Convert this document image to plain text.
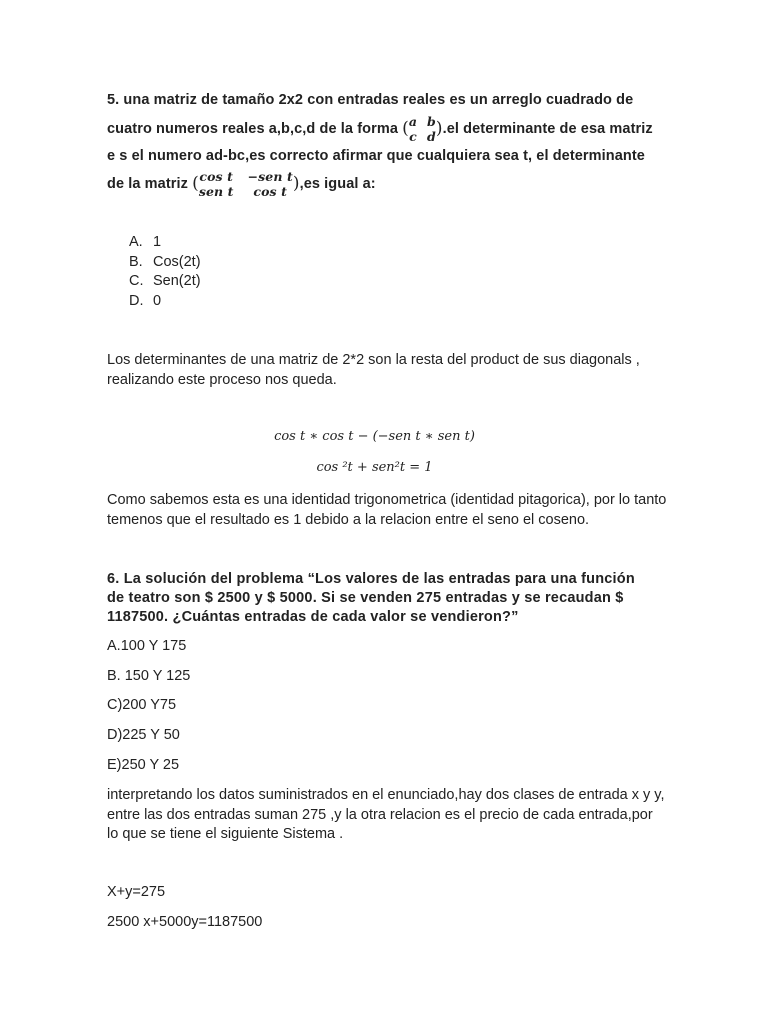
5. una matriz de tamaño 2x2 con entradas reales es un arreglo cuadrado de
cuatro numeros reales a,b,c,d de la forma ( a b
c d ).el determinante de esa matriz
e s el numero ad-bc,es correcto afirmar que cualquiera sea t, el determinante
de la matriz ( cos t −sen t
sen t	cos t ),es igual a:
A. 1
B. Cos(2t)
C. Sen(2t)
D. 0
Los determinantes de una matriz de 2*2 son la resta del product de sus diagonals , realizando este proceso nos queda.
cos t ∗ cos t − (−sen t ∗ sen t)
cos ²t + sen²t = 1
Como sabemos esta es una identidad trigonometrica (identidad pitagorica), por lo tanto temenos que el resultado es 1 debido a la relacion entre el seno el coseno.
6. La solución del problema “Los valores de las entradas para una función de teatro son $ 2500 y $ 5000. Si se venden 275 entradas y se recaudan $ 1187500. ¿Cuántas entradas de cada valor se vendieron?”
A.100 Y 175
B. 150 Y 125
C)200 Y75
D)225 Y 50
E)250 Y 25
interpretando los datos suministrados en el enunciado,hay dos clases de entrada x y y, entre las dos entradas suman 275 ,y la otra relacion es el precio de cada entrada,por lo que se tiene el siguiente Sistema .
X+y=275
2500 x+5000y=1187500
